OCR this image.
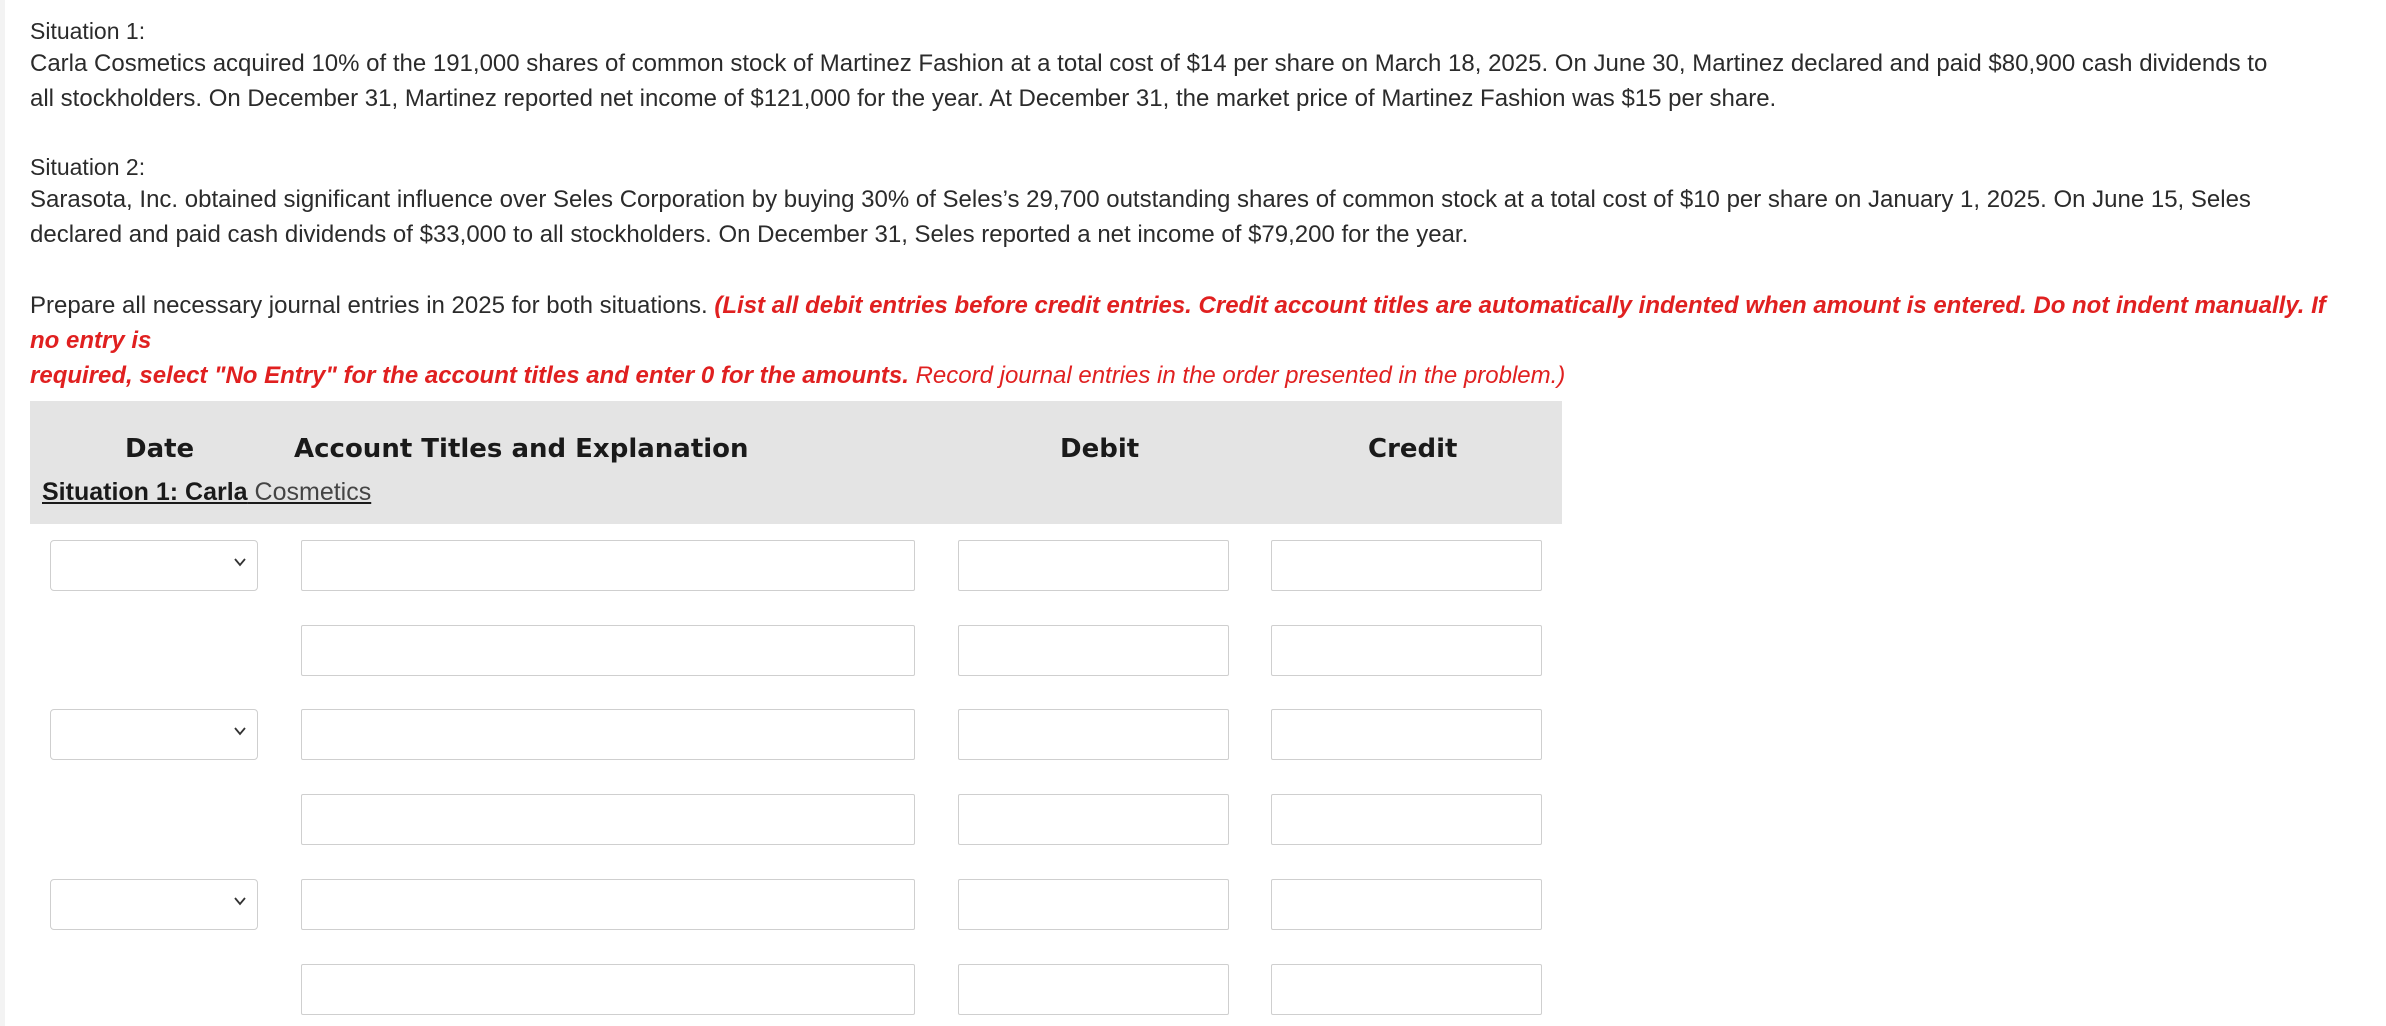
Situation 1:

Carla Cosmetics acquired 10% of the 191,000 shares of common stock of Martinez Fashion at a total cost of $14 per share on March 18, 2025. On June 30, Martinez declared and paid $80,900 cash dividends to

all stockholders. On December 31, Martinez reported net income of $121,000 for the year. At December 31, the market price of Martinez Fashion was $15 per share.

Situation 2:

Sarasota, Inc. obtained significant influence over Seles Corporation by buying 30% of Seles’s 29,700 outstanding shares of common stock at a total cost of $10 per share on January 1, 2025. On June 15, Seles

declared and paid cash dividends of $33,000 to all stockholders. On December 31, Seles reported a net income of $79,200 for the year.

Prepare all necessary journal entries in 2025 for both situations. (List all debit entries before credit entries. Credit account titles are automatically indented when amount is entered. Do not indent manually. If no entry is

required, select "No Entry" for the account titles and enter 0 for the amounts. Record journal entries in the order presented in the problem.)

Date	Account Titles and Explanation	Debit	Credit
Situation 1: Carla Cosmetics
